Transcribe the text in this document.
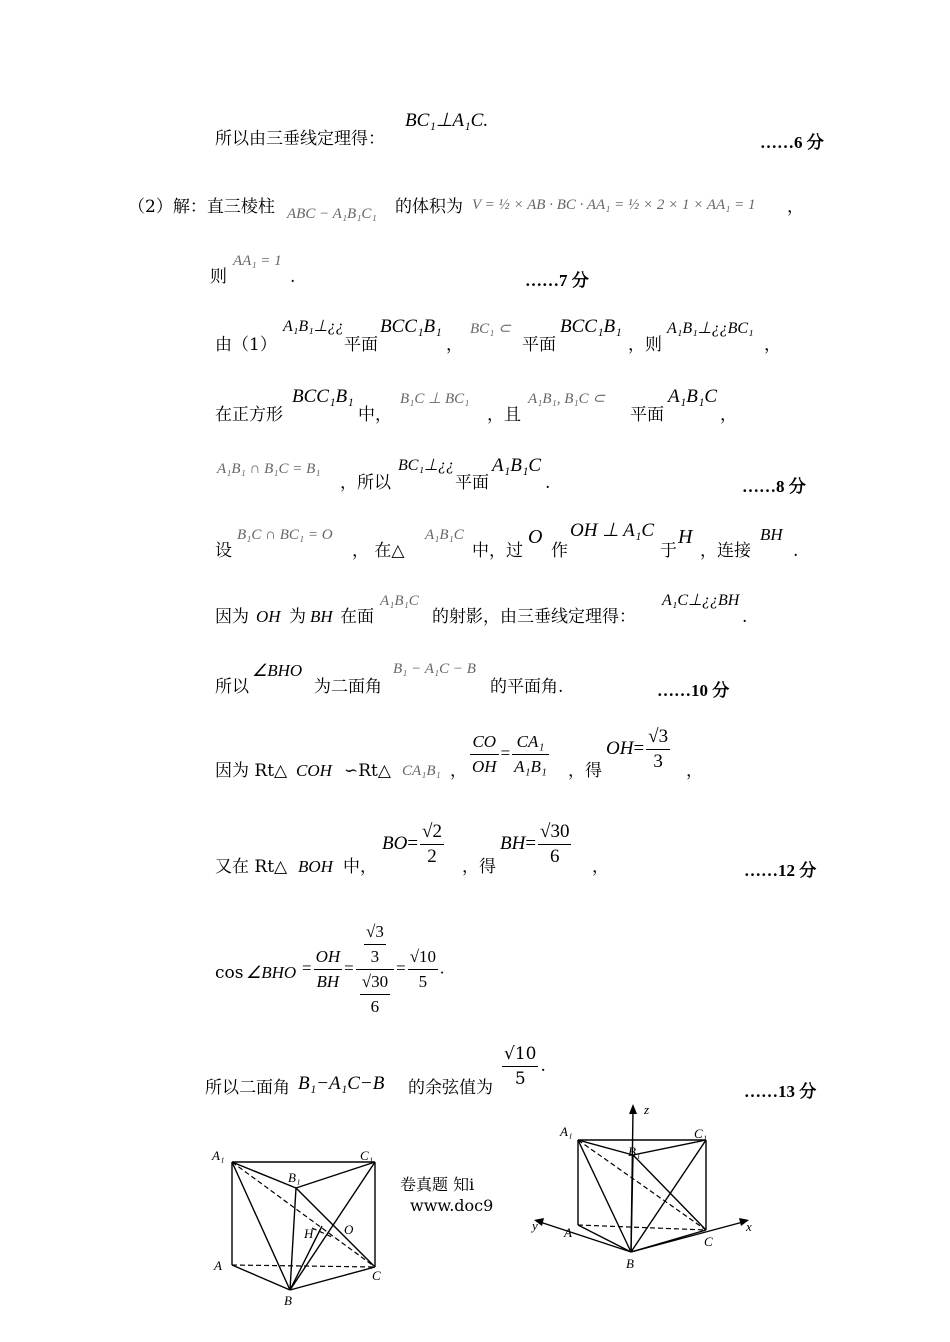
所以由三垂线定理得：
BC₁⊥A₁C.
……6 分
（2）解：直三棱柱 ABC − A₁B₁C₁ 的体积为 V = ½ × AB · BC · AA₁ = ½ × 2 × 1 × AA₁ = 1 ，
则
AA₁ = 1
.	……7 分
由（1）
A₁B₁⊥¿¿
平面
BCC₁B₁
，
BC₁ ⊂
平面
BCC₁B₁
，则
A₁B₁⊥¿¿BC₁
，
在正方形
BCC₁B₁
中，
B₁C ⊥ BC₁
，且
A₁B₁, B₁C ⊂
平面
A₁B₁C
，
A₁B₁ ∩ B₁C = B₁
，所以
BC₁⊥¿¿
平面
A₁B₁C
.	……8 分
设
B₁C ∩ BC₁ = O
， 在△
A₁B₁C
中，过
O
作
OH ⊥ A₁C
于
H
，连接
BH
.
因为 OH 为 BH 在面
A₁B₁C
的射影，由三垂线定理得：
A₁C⊥¿¿BH
.
所以
∠BHO
为二面角
B₁ − A₁C − B
的平面角.	……10 分
因为 Rt△ COH ∽Rt△ CA₁B₁ ， $\frac{CO}{OH} = \frac{\text{CA₁}}{\text{A₁B₁}}$ ，得
$OH= \frac{√3}{3}$ ，
又在 Rt△ BOH 中，
$BO= \frac{√2}{2}$ ，得
$BH= \frac{√30}{6}$ ，	……12 分
cos ∠BHO = $\frac{OH}{BH} = \frac{\frac{√3}{3}}{\frac{√30}{6}} = \frac{√10}{5}$ .
所以二面角 B₁−A₁C−B 的余弦值为 $\frac{√10}{5}$ .
……13 分
卷真题 知i
www.doc9
A₁
B₁
C₁
H O
A
C
B
z
A₁	C₁
B₁
y A	x
C
B
